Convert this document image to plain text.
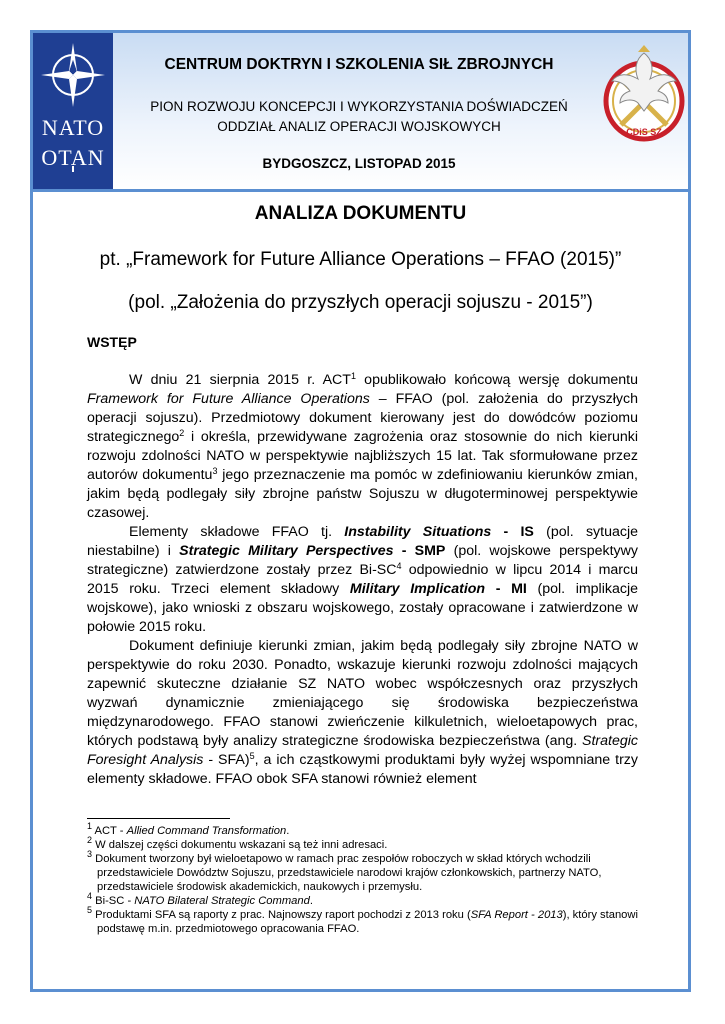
NATO
OTAN
CDiS SZ
CENTRUM DOKTRYN I SZKOLENIA SIŁ ZBROJNYCH
PION ROZWOJU KONCEPCJI I WYKORZYSTANIA DOŚWIADCZEŃ
ODDZIAŁ ANALIZ OPERACJI WOJSKOWYCH
BYDGOSZCZ, LISTOPAD 2015
ANALIZA DOKUMENTU
pt. „Framework for Future Alliance Operations – FFAO (2015)”
(pol. „Założenia do przyszłych operacji sojuszu - 2015”)
WSTĘP

W dniu 21 sierpnia 2015 r. ACT$^1$ opublikowało końcową wersję dokumentu Framework for Future Alliance Operations – FFAO (pol. założenia do przyszłych operacji sojuszu). Przedmiotowy dokument kierowany jest do dowódców poziomu strategicznego$^2$ i określa, przewidywane zagrożenia oraz stosownie do nich kierunki rozwoju zdolności NATO w perspektywie najbliższych 15 lat. Tak sformułowane przez autorów dokumentu$^3$ jego przeznaczenie ma pomóc w zdefiniowaniu kierunków zmian, jakim będą podlegały siły zbrojne państw Sojuszu w długoterminowej perspektywie czasowej.

Elementy składowe FFAO tj. Instability Situations - IS (pol. sytuacje niestabilne) i Strategic Military Perspectives - SMP (pol. wojskowe perspektywy strategiczne) zatwierdzone zostały przez $Bi-SC^4$ odpowiednio w lipcu 2014 i marcu 2015 roku. Trzeci element składowy Military Implication - MI (pol. implikacje wojskowe), jako wnioski z obszaru wojskowego, zostały opracowane i zatwierdzone w połowie 2015 roku.

Dokument definiuje kierunki zmian, jakim będą podlegały siły zbrojne NATO w perspektywie do roku 2030. Ponadto, wskazuje kierunki rozwoju zdolności mających zapewnić skuteczne działanie SZ NATO wobec współczesnych oraz przyszłych wyzwań dynamicznie zmieniającego się środowiska bezpieczeństwa międzynarodowego. FFAO stanowi zwieńczenie kilkuletnich, wieloetapowych prac, których podstawą były analizy strategiczne środowiska bezpieczeństwa (ang. Strategic Foresight Analysis - SFA)$^5$, a ich cząstkowymi produktami były wyżej wspomniane trzy elementy składowe. FFAO obok SFA stanowi również element

$^1$ ACT - Allied Command Transformation.

$^2$ W dalszej części dokumentu wskazani są też inni adresaci.

$^3$ Dokument tworzony był wieloetapowo w ramach prac zespołów roboczych w skład których wchodzili przedstawiciele Dowództw Sojuszu, przedstawiciele narodowi krajów członkowskich, partnerzy NATO, przedstawiciele środowisk akademickich, naukowych i przemysłu.

$^4$ Bi-SC - NATO Bilateral Strategic Command.

$^5$ Produktami SFA są raporty z prac. Najnowszy raport pochodzi z 2013 roku (SFA Report - 2013), który stanowi podstawę m.in. przedmiotowego opracowania FFAO.
